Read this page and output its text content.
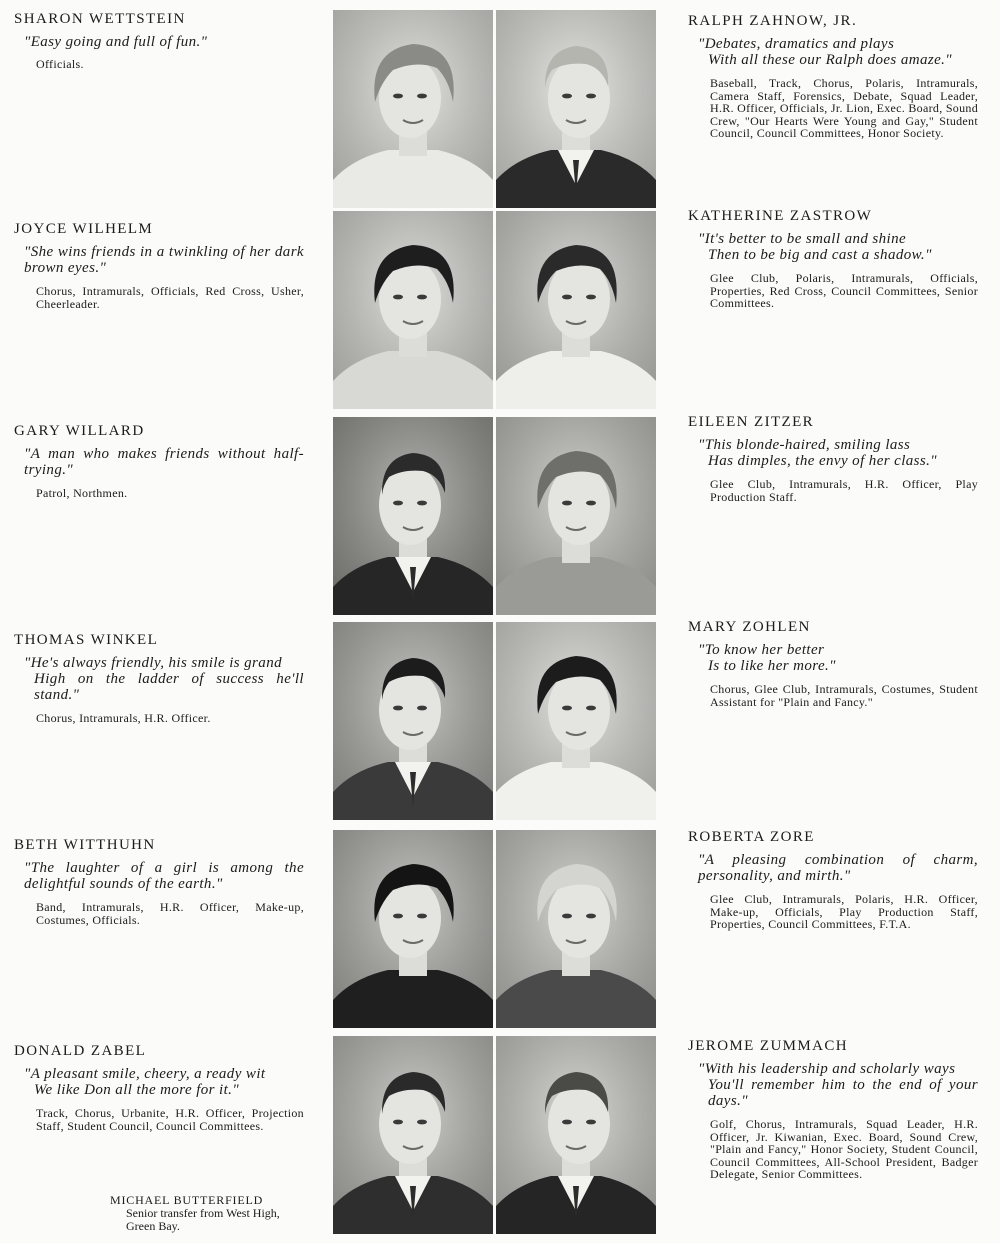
SHARON WETTSTEIN
"Easy going and full of fun."
Officials.
RALPH ZAHNOW, JR.
"Debates, dramatics and plays
With all these our Ralph does amaze."
Baseball, Track, Chorus, Polaris, Intramurals, Camera Staff, Forensics, Debate, Squad Leader, H.R. Officer, Officials, Jr. Lion, Exec. Board, Sound Crew, "Our Hearts Were Young and Gay," Student Council, Council Committees, Honor Society.
JOYCE WILHELM
"She wins friends in a twinkling of her dark brown eyes."
Chorus, Intramurals, Officials, Red Cross, Usher, Cheerleader.
KATHERINE ZASTROW
"It's better to be small and shine
Then to be big and cast a shadow."
Glee Club, Polaris, Intramurals, Officials, Properties, Red Cross, Council Committees, Senior Committees.
GARY WILLARD
"A man who makes friends without half-trying."
Patrol, Northmen.
EILEEN ZITZER
"This blonde-haired, smiling lass
Has dimples, the envy of her class."
Glee Club, Intramurals, H.R. Officer, Play Production Staff.
THOMAS WINKEL
"He's always friendly, his smile is grand
High on the ladder of success he'll stand."
Chorus, Intramurals, H.R. Officer.
MARY ZOHLEN
"To know her better
Is to like her more."
Chorus, Glee Club, Intramurals, Costumes, Student Assistant for "Plain and Fancy."
BETH WITTHUHN
"The laughter of a girl is among the delightful sounds of the earth."
Band, Intramurals, H.R. Officer, Make-up, Costumes, Officials.
ROBERTA ZORE
"A pleasing combination of charm, personality, and mirth."
Glee Club, Intramurals, Polaris, H.R. Officer, Make-up, Officials, Play Production Staff, Properties, Council Committees, F.T.A.
DONALD ZABEL
"A pleasant smile, cheery, a ready wit
We like Don all the more for it."
Track, Chorus, Urbanite, H.R. Officer, Projection Staff, Student Council, Council Committees.
JEROME ZUMMACH
"With his leadership and scholarly ways
You'll remember him to the end of your days."
Golf, Chorus, Intramurals, Squad Leader, H.R. Officer, Jr. Kiwanian, Exec. Board, Sound Crew, "Plain and Fancy," Honor Society, Student Council, Council Committees, All-School President, Badger Delegate, Senior Committees.
MICHAEL BUTTERFIELD
Senior transfer from West High, Green Bay.
